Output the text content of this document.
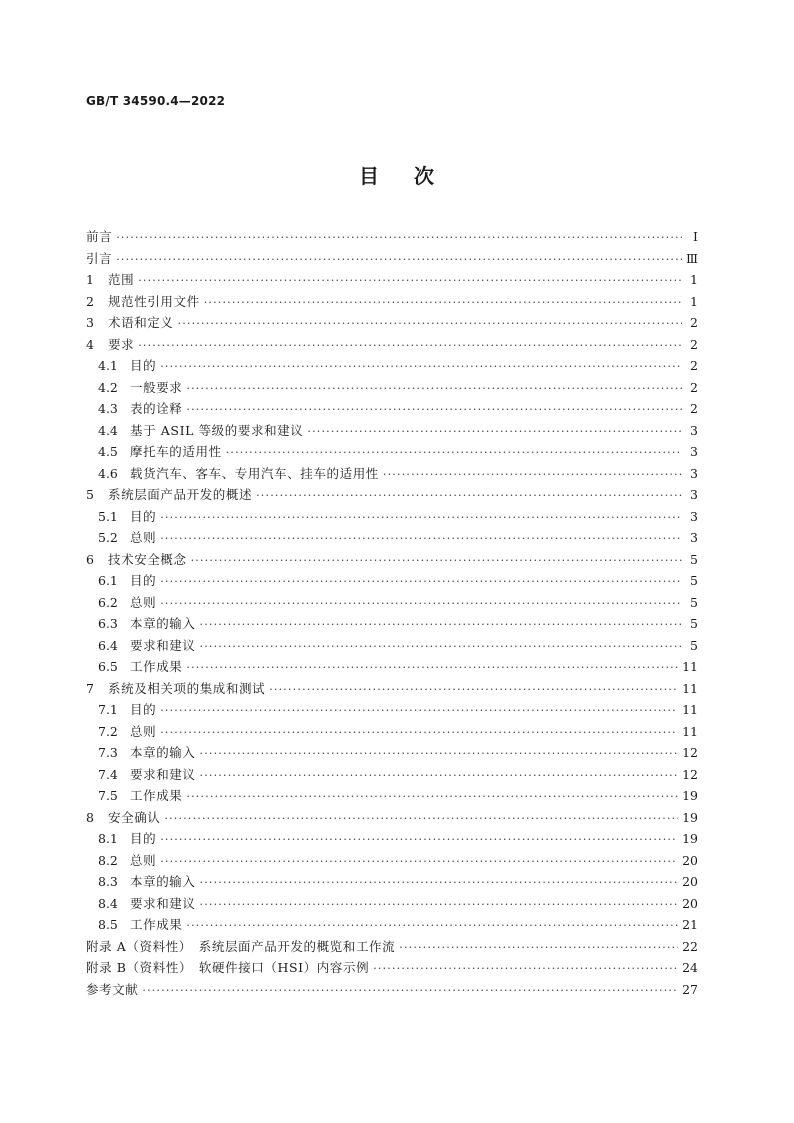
GB/T 34590.4—2022
目 次
前言 ·····	Ⅰ
引言 ·····	Ⅲ
1	范围 ·····	1
2	规范性引用文件 ·····	1
3	术语和定义 ·····	2
4	要求 ·····	2
4.1 目的 ·····	2
4.2 一般要求 ·····	2
4.3 表的诠释 ·····	2
4.4 基于 ASIL 等级的要求和建议 ·····	3
4.5 摩托车的适用性 ·····	3
4.6 载货汽车、客车、专用汽车、挂车的适用性 ·····	3
5	系统层面产品开发的概述 ·····	3
5.1 目的 ·····	3
5.2 总则 ·····	3
6	技术安全概念 ·····	5
6.1 目的 ·····	5
6.2 总则 ·····	5
6.3 本章的输入 ·····	5
6.4 要求和建议 ·····	5
6.5 工作成果 ·····	11
7	系统及相关项的集成和测试 ·····	11
7.1 目的 ·····	11
7.2 总则 ·····	11
7.3 本章的输入 ·····	12
7.4 要求和建议 ·····	12
7.5 工作成果 ·····	19
8	安全确认 ·····	19
8.1 目的 ·····	19
8.2 总则 ·····	20
8.3 本章的输入 ·····	20
8.4 要求和建议 ·····	20
8.5 工作成果 ·····	21
附录 A（资料性）　系统层面产品开发的概览和工作流 ·····	22
附录 B（资料性）　软硬件接口（HSI）内容示例 ·····	24
参考文献 ·····	27
